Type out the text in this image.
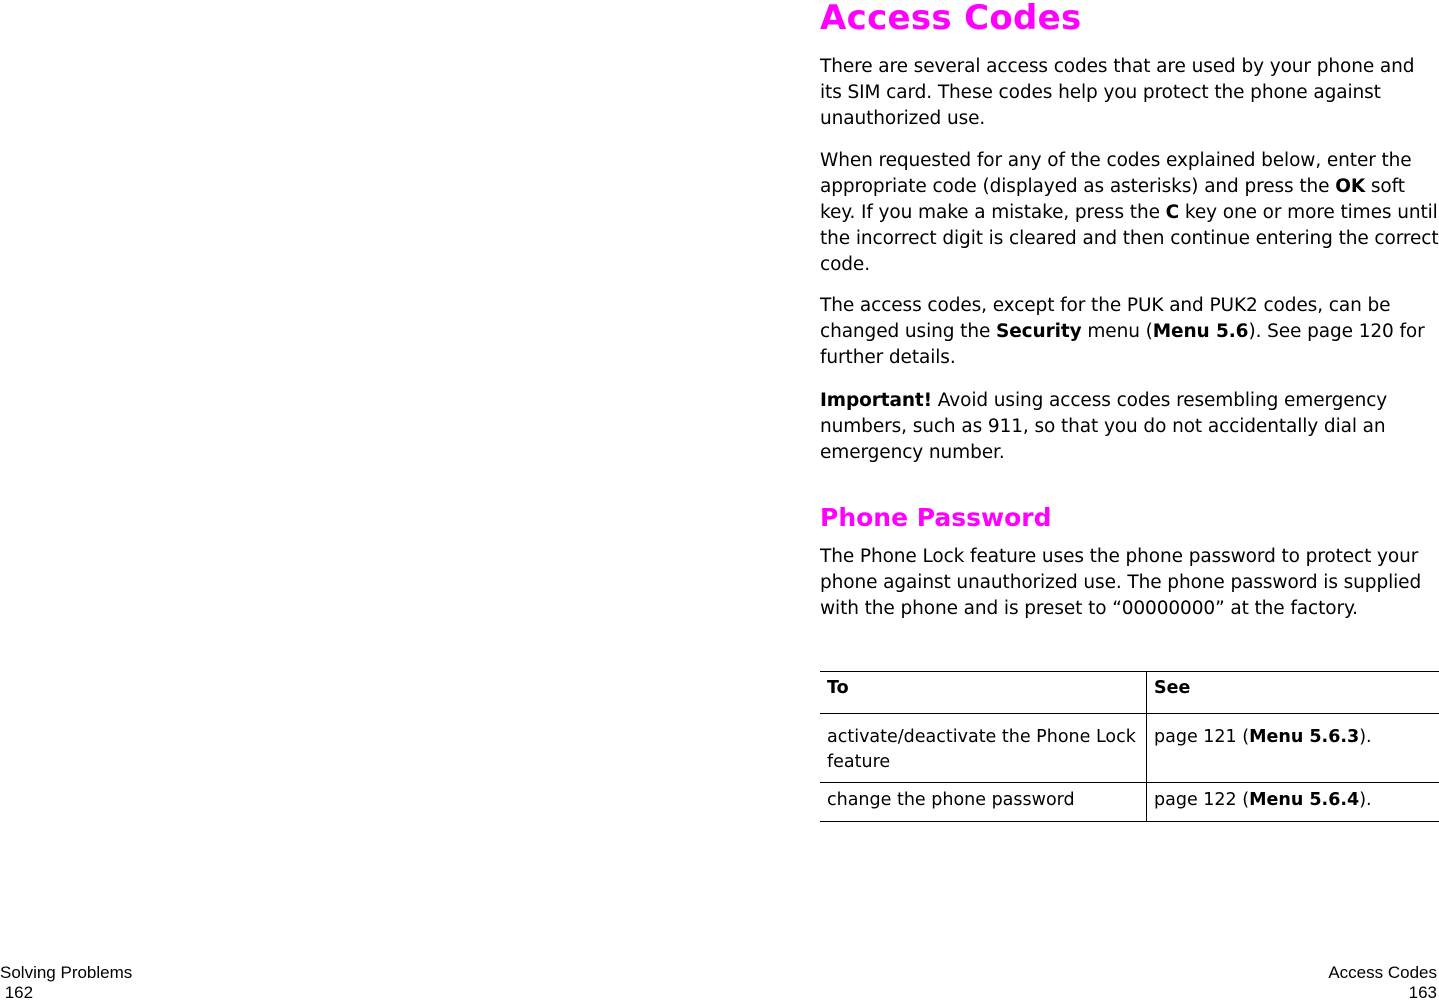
Access Codes

There are several access codes that are used by your phone and its SIM card. These codes help you protect the phone against unauthorized use.

When requested for any of the codes explained below, enter the appropriate code (displayed as asterisks) and press the OK soft key. If you make a mistake, press the C key one or more times until the incorrect digit is cleared and then continue entering the correct code.

The access codes, except for the PUK and PUK2 codes, can be changed using the Security menu (Menu 5.6). See page 120 for further details.

Important! Avoid using access codes resembling emergency numbers, such as 911, so that you do not accidentally dial an emergency number.

Phone Password

The Phone Lock feature uses the phone password to protect your phone against unauthorized use. The phone password is supplied with the phone and is preset to “00000000” at the factory.

To	See
activate/deactivate the Phone Lock feature	page 121 (Menu 5.6.3).
change the phone password	page 122 (Menu 5.6.4).
Solving Problems
162
Access Codes
163
